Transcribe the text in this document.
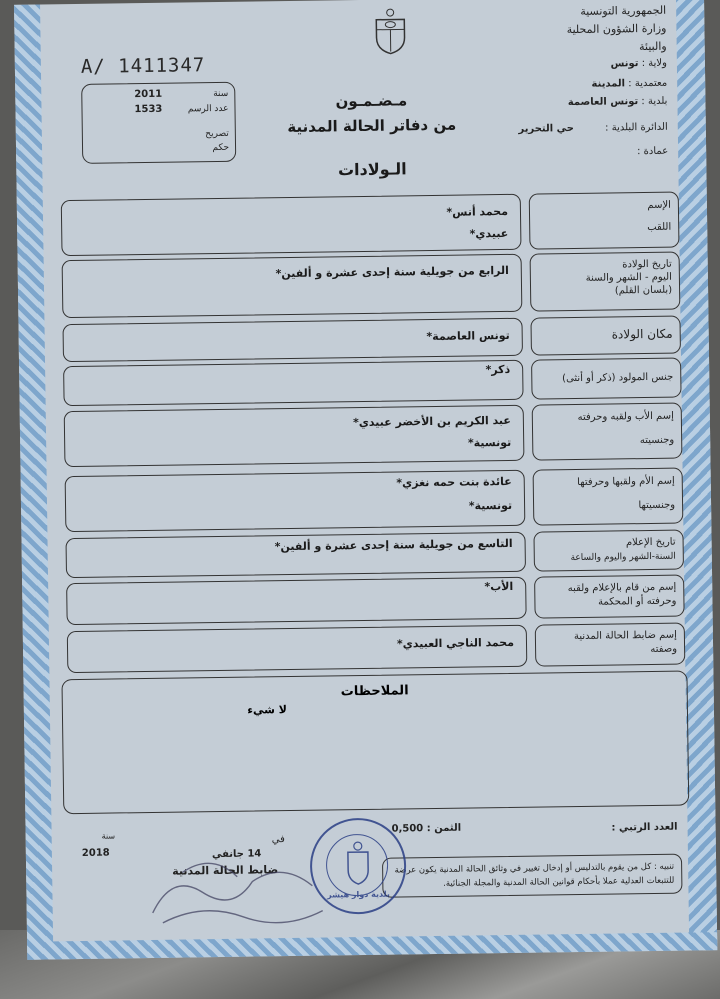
A/ 1411347
الجمهورية التونسية
وزارة الشؤون المحلية
والبيئة
ولاية : تونس
معتمدية : المدينة
بلدية : تونس العاصمة
الدائرة البلدية : حي التحرير
عمادة :
سنة
2011
عدد الرسم
1533
تصريح
حكم
مـضـمـون
من دفاتر الحالة المدنية
الـولادات
الإسم
اللقب
محمد أنس*
عبيدي*
تاريخ الولادة
اليوم - الشهر والسنة
(بلسان القلم)
الرابع من جويلية سنة إحدى عشرة و ألفين*
مكان الولادة
تونس العاصمة*
جنس المولود (ذكر أو أنثى)
ذكر*
إسم الأب ولقبه وحرفته
وجنسيته
عبد الكريم بن الأخضر عبيدي*
تونسية*
إسم الأم ولقبها وحرفتها
وجنسيتها
عائدة بنت حمه نغزي*
تونسية*
تاريخ الإعلام
السنة-الشهر واليوم والساعة
التاسع من جويلية سنة إحدى عشرة و ألفين*
إسم من قام بالإعلام ولقبه
وحرفته أو المحكمة
الأب*
إسم ضابط الحالة المدنية
وصفته
محمد الناجي العبيدي*
الملاحظات
لا شيء
العدد الرتبي :
الثمن : 0,500
في
14 جانفي
سنة
2018
ضابط الحالة المدنية	تنبيه : كل من يقوم بالتدليس أو إدخال تغيير في وثائق الحالة المدنية يكون عرضة للتتبعات العدلية عملا بأحكام قوانين الحالة المدنية والمجلة الجنائية.
بلدية دوار هيشر
